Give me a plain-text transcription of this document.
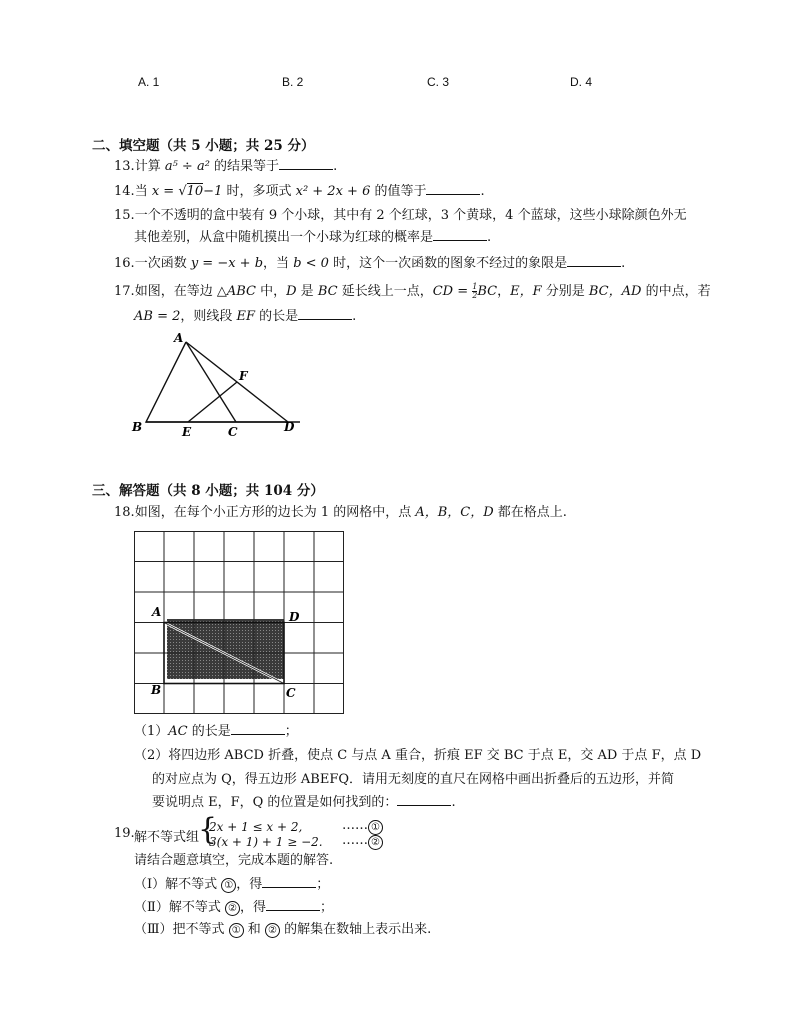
A. 1	B. 2	C. 3	D. 4
二、填空题（共 5 小题；共 25 分）
13.计算 a⁵ ÷ a² 的结果等于	.
14.当 x = √10−1 时，多项式 x² + 2x + 6 的值等于	.
15.一个不透明的盒中装有 9 个小球，其中有 2 个红球，3 个黄球，4 个蓝球，这些小球除颜色外无
其他差别，从盒中随机摸出一个小球为红球的概率是	.
16.一次函数 y = −x + b，当 b < 0 时，这个一次函数的图象不经过的象限是	.
17.如图，在等边 △ABC 中，D 是 BC 延长线上一点，CD = $\frac{1}{2}$ BC，E，F 分别是 BC，AD 的中点，若
AB = 2，则线段 EF 的长是	.
A
F
B	E	C	D
三、解答题（共 8 小题；共 104 分）
18.如图，在每个小正方形的边长为 1 的网格中，点 A，B，C，D 都在格点上.
A	D
B	C
（1）AC 的长是	；
（2）将四边形 ABCD 折叠，使点 C 与点 A 重合，折痕 EF 交 BC 于点 E，交 AD 于点 F，点 D
的对应点为 Q，得五边形 ABEFQ．请用无刻度的直尺在网格中画出折叠后的五边形，并简
要说明点 E，F，Q 的位置是如何找到的：	.
19. 解不等式组
{
2x + 1 ≤ x + 2,
3(x + 1) + 1 ≥ −2.
…… ①
…… ②
请结合题意填空，完成本题的解答.
（Ⅰ）解不等式 ① ，得	；
（Ⅱ）解不等式 ② ，得	；
（Ⅲ）把不等式 ① 和 ② 的解集在数轴上表示出来.
